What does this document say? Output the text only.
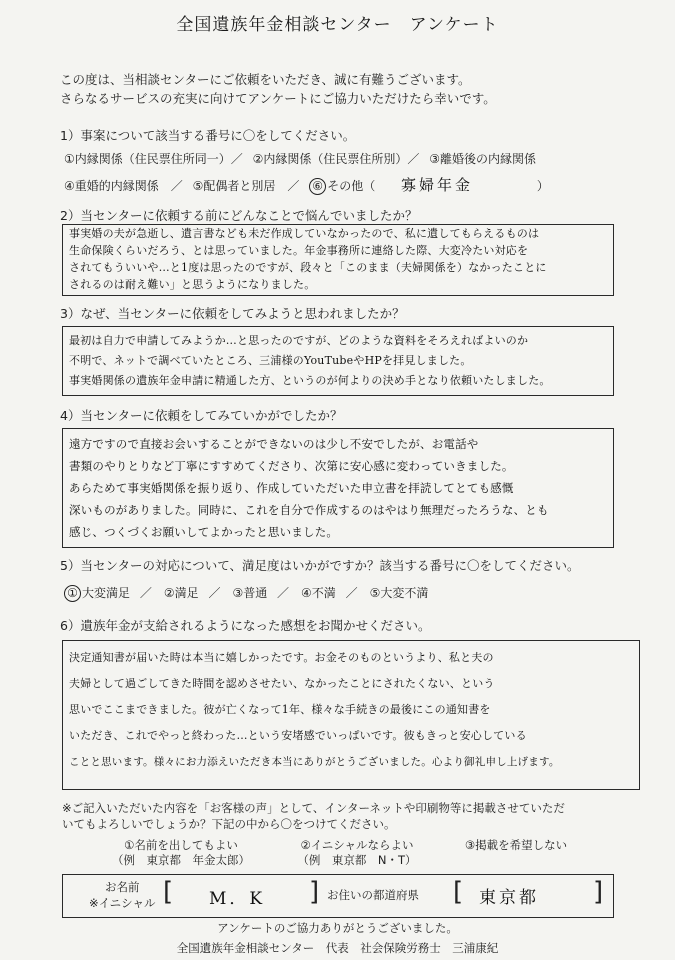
全国遺族年金相談センター　アンケート
この度は、当相談センターにご依頼をいただき、誠に有難うございます。
さらなるサービスの充実に向けてアンケートにご協力いただけたら幸いです。
1）事案について該当する番号に〇をしてください。
①内縁関係（住民票住所同一）／ ②内縁関係（住民票住所別）／ ③離婚後の内縁関係
④重婚的内縁関係　／ ⑤配偶者と別居　／ ⑥ その他（ 寡婦年金	）
2）当センターに依頼する前にどんなことで悩んでいましたか？
事実婚の夫が急逝し、遺言書なども未だ作成していなかったので、私に遺してもらえるものは
生命保険くらいだろう、とは思っていました。年金事務所に連絡した際、大変冷たい対応を
されてもういいや…と1度は思ったのですが、段々と「このまま（夫婦関係を）なかったことに
されるのは耐え難い」と思うようになりました。
3）なぜ、当センターに依頼をしてみようと思われましたか？
最初は自力で申請してみようか…と思ったのですが、どのような資料をそろえればよいのか
不明で、ネットで調べていたところ、三浦様のYouTubeやHPを拝見しました。
事実婚関係の遺族年金申請に精通した方、というのが何よりの決め手となり依頼いたしました。
4）当センターに依頼をしてみていかがでしたか？
遠方ですので直接お会いすることができないのは少し不安でしたが、お電話や
書類のやりとりなど丁寧にすすめてくださり、次第に安心感に変わっていきました。
あらためて事実婚関係を振り返り、作成していただいた申立書を拝読してとても感慨
深いものがありました。同時に、これを自分で作成するのはやはり無理だったろうな、とも
感じ、つくづくお願いしてよかったと思いました。
5）当センターの対応について、満足度はいかがですか？該当する番号に〇をしてください。
① 大変満足 ／　②満足 ／　③普通 ／　④不満 ／　⑤大変不満
6）遺族年金が支給されるようになった感想をお聞かせください。
決定通知書が届いた時は本当に嬉しかったです。お金そのものというより、私と夫の
夫婦として過ごしてきた時間を認めさせたい、なかったことにされたくない、という
思いでここまできました。彼が亡くなって1年、様々な手続きの最後にこの通知書を
いただき、これでやっと終わった…という安堵感でいっぱいです。彼もきっと安心している
ことと思います。様々にお力添えいただき本当にありがとうございました。心より御礼申し上げます。
※ご記入いただいた内容を「お客様の声」として、インターネットや印刷物等に掲載させていただ
いてもよろしいでしょうか？下記の中から〇をつけてください。
①名前を出してもよい
（例　東京都　年金太郎）
②イニシャルならよい
（例　東京都　N・T）
③掲載を希望しない
お名前
※イニシャル [ M．K ] お住いの都道府県 [ 東京都 ]
アンケートのご協力ありがとうございました。
全国遺族年金相談センター　代表　社会保険労務士　三浦康紀
